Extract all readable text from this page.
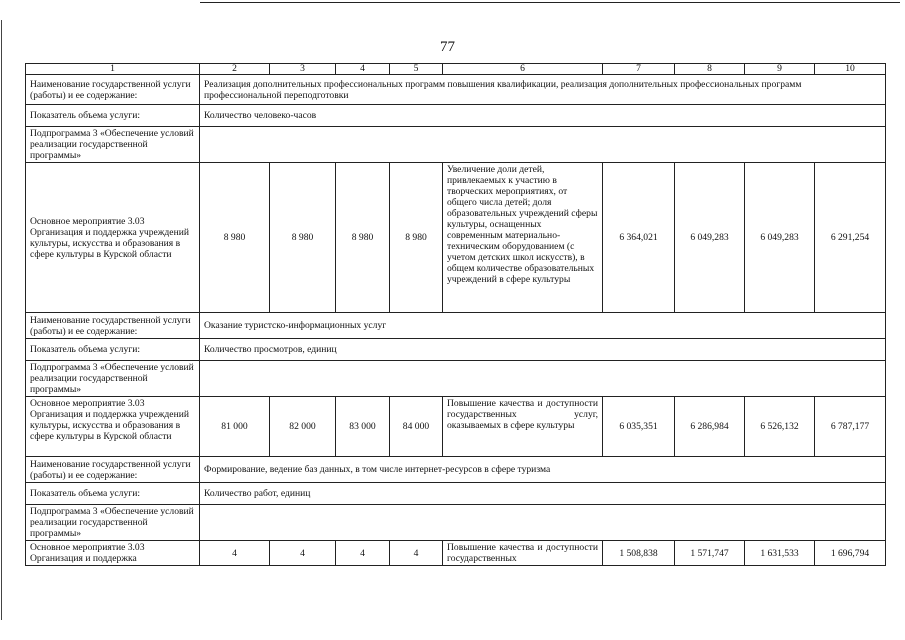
77
1	2	3	4	5	6	7	8	9	10
Наименование государственной услуги (работы) и ее содержание:	Реализация дополнительных профессиональных программ повышения квалификации, реализация дополнительных профессиональных программ профессиональной переподготовки								
Показатель объема услуги:	Количество человеко-часов								
Подпрограмма 3 «Обеспечение условий реализации государственной программы»									
Основное мероприятие 3.03 Организация и поддержка учреждений культуры, искусства и образования в сфере культуры в Курской области	8 980	8 980	8 980	8 980	Увеличение доли детей, привлекаемых к участию в творческих мероприятиях, от общего числа детей; доля образовательных учреждений сферы культуры, оснащенных современным материально-техническим оборудованием (с учетом детских школ искусств), в общем количестве образовательных учреждений в сфере культуры	6 364,021	6 049,283	6 049,283	6 291,254
Наименование государственной услуги (работы) и ее содержание:	Оказание туристско-информационных услуг								
Показатель объема услуги:	Количество просмотров, единиц								
Подпрограмма 3 «Обеспечение условий реализации государственной программы»									
Основное мероприятие 3.03 Организация и поддержка учреждений культуры, искусства и образования в сфере культуры в Курской области	81 000	82 000	83 000	84 000	Повышение качества и доступности государственных услуг, оказываемых в сфере культуры	6 035,351	6 286,984	6 526,132	6 787,177
Наименование государственной услуги (работы) и ее содержание:	Формирование, ведение баз данных, в том числе интернет-ресурсов в сфере туризма								
Показатель объема услуги:	Количество работ, единиц								
Подпрограмма 3 «Обеспечение условий реализации государственной программы»									
Основное мероприятие 3.03 Организация и поддержка	4	4	4	4	Повышение качества и доступности государственных	1 508,838	1 571,747	1 631,533	1 696,794
